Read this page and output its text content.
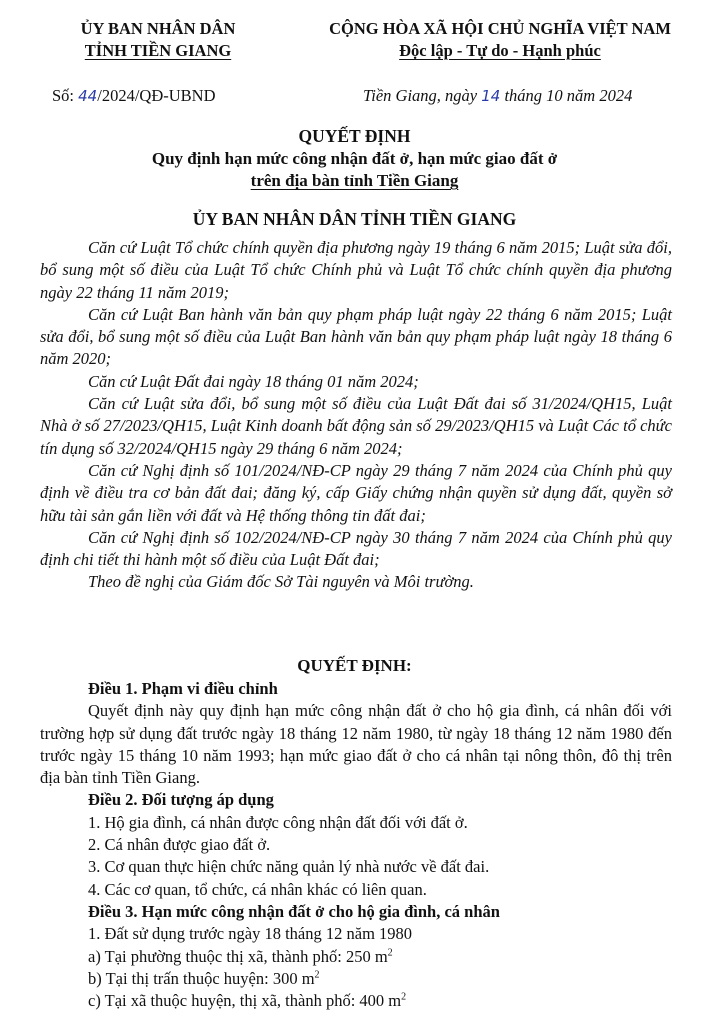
ỦY BAN NHÂN DÂN
TỈNH TIỀN GIANG
CỘNG HÒA XÃ HỘI CHỦ NGHĨA VIỆT NAM
Độc lập - Tự do - Hạnh phúc
Số: 44/2024/QĐ-UBND	Tiền Giang, ngày 14 tháng 10 năm 2024
QUYẾT ĐỊNH
Quy định hạn mức công nhận đất ở, hạn mức giao đất ở
trên địa bàn tỉnh Tiền Giang
ỦY BAN NHÂN DÂN TỈNH TIỀN GIANG
Căn cứ Luật Tổ chức chính quyền địa phương ngày 19 tháng 6 năm 2015; Luật sửa đổi, bổ sung một số điều của Luật Tổ chức Chính phủ và Luật Tổ chức chính quyền địa phương ngày 22 tháng 11 năm 2019;
Căn cứ Luật Ban hành văn bản quy phạm pháp luật ngày 22 tháng 6 năm 2015; Luật sửa đổi, bổ sung một số điều của Luật Ban hành văn bản quy phạm pháp luật ngày 18 tháng 6 năm 2020;
Căn cứ Luật Đất đai ngày 18 tháng 01 năm 2024;
Căn cứ Luật sửa đổi, bổ sung một số điều của Luật Đất đai số 31/2024/QH15, Luật Nhà ở số 27/2023/QH15, Luật Kinh doanh bất động sản số 29/2023/QH15 và Luật Các tổ chức tín dụng số 32/2024/QH15 ngày 29 tháng 6 năm 2024;
Căn cứ Nghị định số 101/2024/NĐ-CP ngày 29 tháng 7 năm 2024 của Chính phủ quy định về điều tra cơ bản đất đai; đăng ký, cấp Giấy chứng nhận quyền sử dụng đất, quyền sở hữu tài sản gắn liền với đất và Hệ thống thông tin đất đai;
Căn cứ Nghị định số 102/2024/NĐ-CP ngày 30 tháng 7 năm 2024 của Chính phủ quy định chi tiết thi hành một số điều của Luật Đất đai;
Theo đề nghị của Giám đốc Sở Tài nguyên và Môi trường.
QUYẾT ĐỊNH:
Điều 1. Phạm vi điều chỉnh
Quyết định này quy định hạn mức công nhận đất ở cho hộ gia đình, cá nhân đối với trường hợp sử dụng đất trước ngày 18 tháng 12 năm 1980, từ ngày 18 tháng 12 năm 1980 đến trước ngày 15 tháng 10 năm 1993; hạn mức giao đất ở cho cá nhân tại nông thôn, đô thị trên địa bàn tỉnh Tiền Giang.
Điều 2. Đối tượng áp dụng
1. Hộ gia đình, cá nhân được công nhận đất đối với đất ở.
2. Cá nhân được giao đất ở.
3. Cơ quan thực hiện chức năng quản lý nhà nước về đất đai.
4. Các cơ quan, tổ chức, cá nhân khác có liên quan.
Điều 3. Hạn mức công nhận đất ở cho hộ gia đình, cá nhân
1. Đất sử dụng trước ngày 18 tháng 12 năm 1980
a) Tại phường thuộc thị xã, thành phố: 250 $m^2$
b) Tại thị trấn thuộc huyện: 300 $m^2$
c) Tại xã thuộc huyện, thị xã, thành phố: 400 $m^2$
